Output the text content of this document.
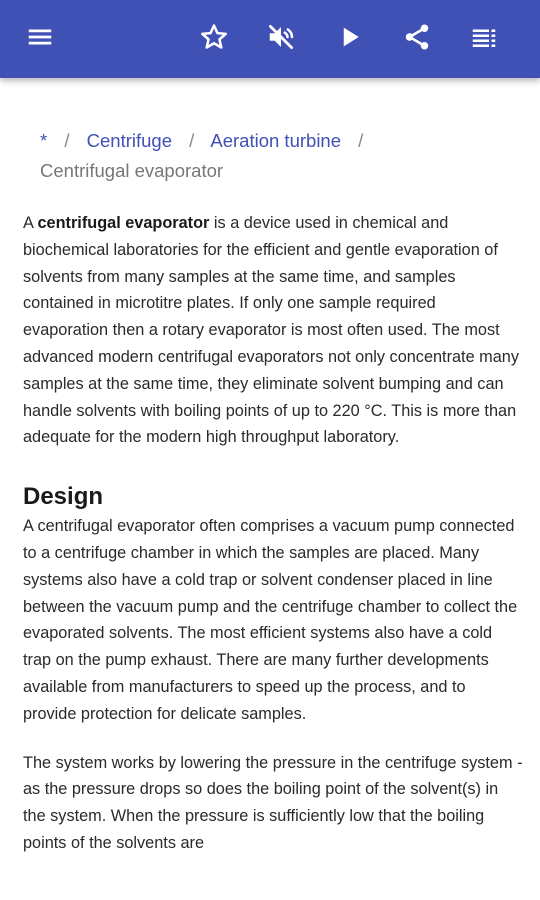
* / Centrifuge / Aeration turbine /
Centrifugal evaporator

A centrifugal evaporator is a device used in chemical and biochemical laboratories for the efficient and gentle evaporation of solvents from many samples at the same time, and samples contained in microtitre plates. If only one sample required evaporation then a rotary evaporator is most often used. The most advanced modern centrifugal evaporators not only concentrate many samples at the same time, they eliminate solvent bumping and can handle solvents with boiling points of up to 220 °C. This is more than adequate for the modern high throughput laboratory.

Design

A centrifugal evaporator often comprises a vacuum pump connected to a centrifuge chamber in which the samples are placed. Many systems also have a cold trap or solvent condenser placed in line between the vacuum pump and the centrifuge chamber to collect the evaporated solvents. The most efficient systems also have a cold trap on the pump exhaust. There are many further developments available from manufacturers to speed up the process, and to provide protection for delicate samples.

The system works by lowering the pressure in the centrifuge system - as the pressure drops so does the boiling point of the solvent(s) in the system. When the pressure is sufficiently low that the boiling points of the solvents are
